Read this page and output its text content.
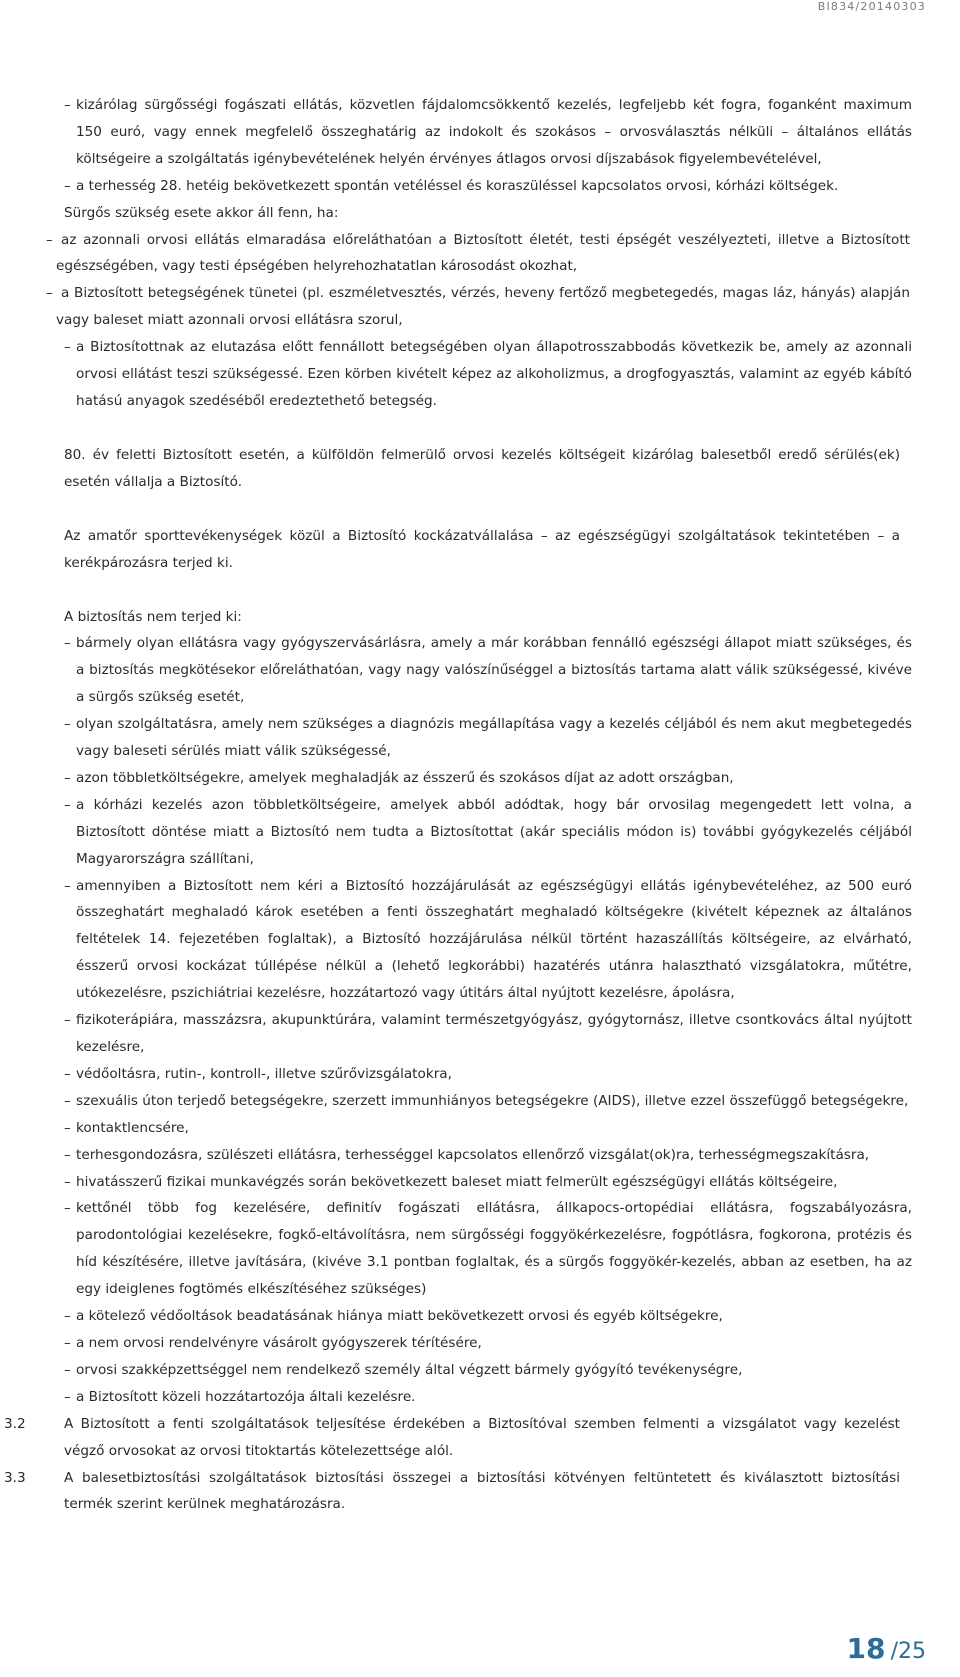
BI834/20140303
– kizárólag sürgősségi fogászati ellátás, közvetlen fájdalomcsökkentő kezelés, legfeljebb két fogra, foganként maximum 150 euró, vagy ennek megfelelő összeghatárig az indokolt és szokásos – orvosválasztás nélküli – általános ellátás költségeire a szolgáltatás igénybevételének helyén érvényes átlagos orvosi díjszabások figyelembevételével,
– a terhesség 28. hetéig bekövetkezett spontán vetéléssel és koraszüléssel kapcsolatos orvosi, kórházi költségek.
Sürgős szükség esete akkor áll fenn, ha:
– az azonnali orvosi ellátás elmaradása előreláthatóan a Biztosított életét, testi épségét veszélyezteti, illetve a Biztosított egészségében, vagy testi épségében helyrehozhatatlan károsodást okozhat,
– a Biztosított betegségének tünetei (pl. eszméletvesztés, vérzés, heveny fertőző megbetegedés, magas láz, hányás) alapján vagy baleset miatt azonnali orvosi ellátásra szorul,
– a Biztosítottnak az elutazása előtt fennállott betegségében olyan állapotrosszabbodás következik be, amely az azonnali orvosi ellátást teszi szükségessé. Ezen körben kivételt képez az alkoholizmus, a drogfogyasztás, valamint az egyéb kábító hatású anyagok szedéséből eredeztethető betegség.
80. év feletti Biztosított esetén, a külföldön felmerülő orvosi kezelés költségeit kizárólag balesetből eredő sérülés(ek) esetén vállalja a Biztosító.
Az amatőr sporttevékenységek közül a Biztosító kockázatvállalása – az egészségügyi szolgáltatások tekintetében – a kerékpározásra terjed ki.
A biztosítás nem terjed ki:
– bármely olyan ellátásra vagy gyógyszervásárlásra, amely a már korábban fennálló egészségi állapot miatt szükséges, és a biztosítás megkötésekor előreláthatóan, vagy nagy valószínűséggel a biztosítás tartama alatt válik szükségessé, kivéve a sürgős szükség esetét,
– olyan szolgáltatásra, amely nem szükséges a diagnózis megállapítása vagy a kezelés céljából és nem akut megbetegedés vagy baleseti sérülés miatt válik szükségessé,
– azon többletköltségekre, amelyek meghaladják az ésszerű és szokásos díjat az adott országban,
– a kórházi kezelés azon többletköltségeire, amelyek abból adódtak, hogy bár orvosilag megengedett lett volna, a Biztosított döntése miatt a Biztosító nem tudta a Biztosítottat (akár speciális módon is) további gyógykezelés céljából Magyarországra szállítani,
– amennyiben a Biztosított nem kéri a Biztosító hozzájárulását az egészségügyi ellátás igénybevételéhez, az 500 euró összeghatárt meghaladó károk esetében a fenti összeghatárt meghaladó költségekre (kivételt képeznek az általános feltételek 14. fejezetében foglaltak), a Biztosító hozzájárulása nélkül történt hazaszállítás költségeire, az elvárható, ésszerű orvosi kockázat túllépése nélkül a (lehető legkorábbi) hazatérés utánra halasztható vizsgálatokra, műtétre, utókezelésre, pszichiátriai kezelésre, hozzátartozó vagy útitárs által nyújtott kezelésre, ápolásra,
– fizikoterápiára, masszázsra, akupunktúrára, valamint természetgyógyász, gyógytornász, illetve csontkovács által nyújtott kezelésre,
– védőoltásra, rutin-, kontroll-, illetve szűrővizsgálatokra,
– szexuális úton terjedő betegségekre, szerzett immunhiányos betegségekre (AIDS), illetve ezzel összefüggő betegségekre,
– kontaktlencsére,
– terhesgondozásra, szülészeti ellátásra, terhességgel kapcsolatos ellenőrző vizsgálat(ok)ra, terhességmegszakításra,
– hivatásszerű fizikai munkavégzés során bekövetkezett baleset miatt felmerült egészségügyi ellátás költségeire,
– kettőnél több fog kezelésére, definitív fogászati ellátásra, állkapocs-ortopédiai ellátásra, fogszabályozásra, parodontológiai kezelésekre, fogkő-eltávolításra, nem sürgősségi foggyökérkezelésre, fogpótlásra, fogkorona, protézis és híd készítésére, illetve javítására, (kivéve 3.1 pontban foglaltak, és a sürgős foggyökér-kezelés, abban az esetben, ha az egy ideiglenes fogtömés elkészítéséhez szükséges)
– a kötelező védőoltások beadatásának hiánya miatt bekövetkezett orvosi és egyéb költségekre,
– a nem orvosi rendelvényre vásárolt gyógyszerek térítésére,
– orvosi szakképzettséggel nem rendelkező személy által végzett bármely gyógyító tevékenységre,
– a Biztosított közeli hozzátartozója általi kezelésre.
3.2	A Biztosított a fenti szolgáltatások teljesítése érdekében a Biztosítóval szemben felmenti a vizsgálatot vagy kezelést végző orvosokat az orvosi titoktartás kötelezettsége alól.
3.3	A balesetbiztosítási szolgáltatások biztosítási összegei a biztosítási kötvényen feltüntetett és kiválasztott biztosítási termék szerint kerülnek meghatározásra.
18 /25
